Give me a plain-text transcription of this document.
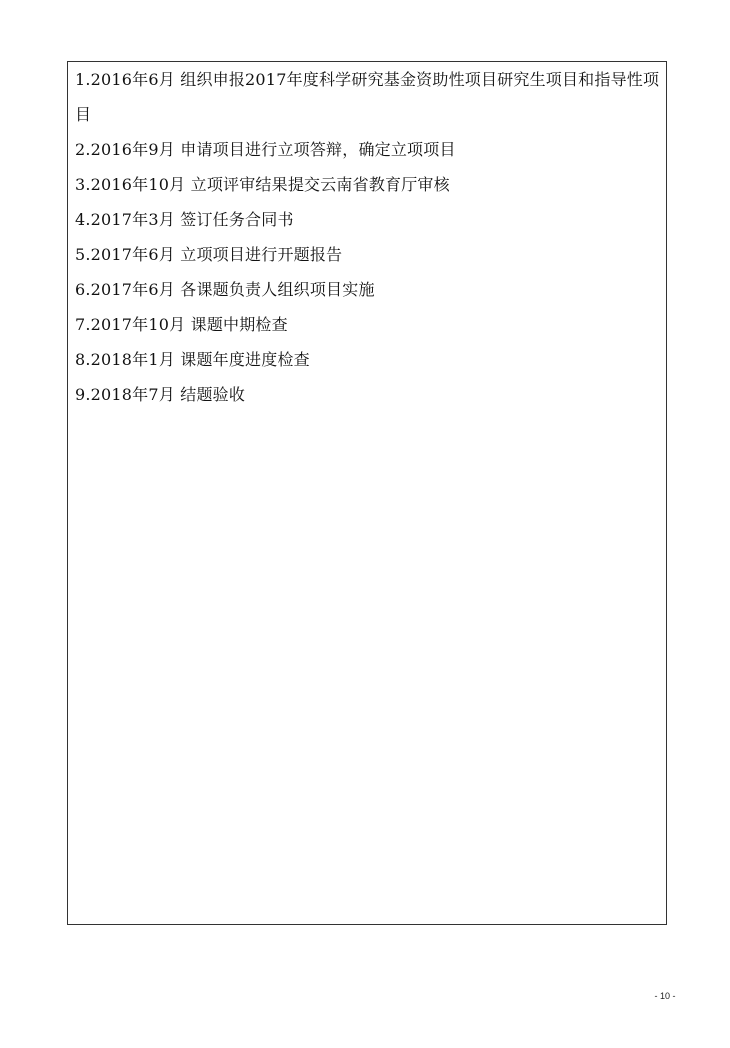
1.2016年6月 组织申报2017年度科学研究基金资助性项目研究生项目和指导性项目
2.2016年9月 申请项目进行立项答辩，确定立项项目
3.2016年10月 立项评审结果提交云南省教育厅审核
4.2017年3月 签订任务合同书
5.2017年6月 立项项目进行开题报告
6.2017年6月 各课题负责人组织项目实施
7.2017年10月 课题中期检查
8.2018年1月 课题年度进度检查
9.2018年7月 结题验收
- 10 -
